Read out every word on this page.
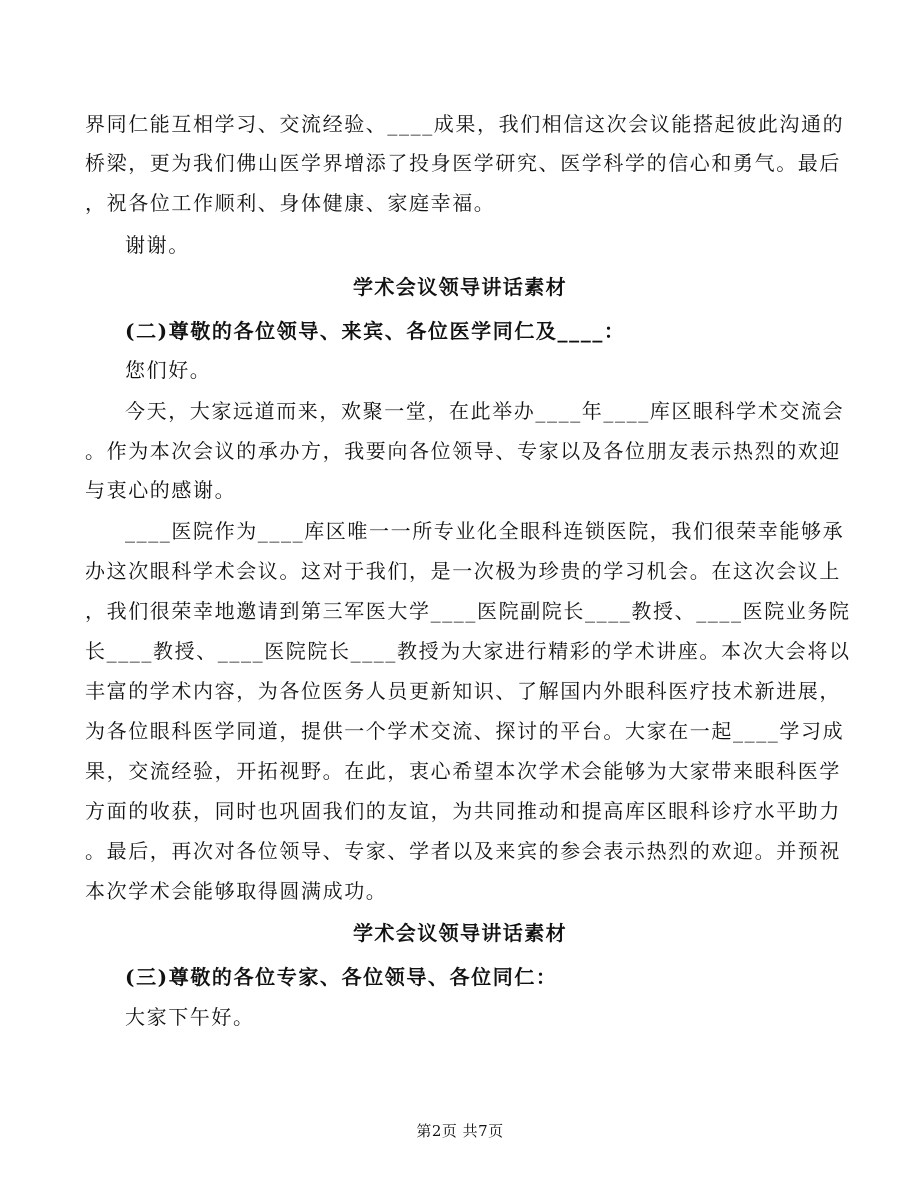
界同仁能互相学习、交流经验、____成果，我们相信这次会议能搭起彼此沟通的
桥梁，更为我们佛山医学界增添了投身医学研究、医学科学的信心和勇气。最后
，祝各位工作顺利、身体健康、家庭幸福。
谢谢。
学术会议领导讲话素材
(二)尊敬的各位领导、来宾、各位医学同仁及____：
您们好。
今天，大家远道而来，欢聚一堂，在此举办____年____库区眼科学术交流会
。作为本次会议的承办方，我要向各位领导、专家以及各位朋友表示热烈的欢迎
与衷心的感谢。
____医院作为____库区唯一一所专业化全眼科连锁医院，我们很荣幸能够承
办这次眼科学术会议。这对于我们，是一次极为珍贵的学习机会。在这次会议上
，我们很荣幸地邀请到第三军医大学____医院副院长____教授、____医院业务院
长____教授、____医院院长____教授为大家进行精彩的学术讲座。本次大会将以
丰富的学术内容，为各位医务人员更新知识、了解国内外眼科医疗技术新进展，
为各位眼科医学同道，提供一个学术交流、探讨的平台。大家在一起____学习成
果，交流经验，开拓视野。在此，衷心希望本次学术会能够为大家带来眼科医学
方面的收获，同时也巩固我们的友谊，为共同推动和提高库区眼科诊疗水平助力
。最后，再次对各位领导、专家、学者以及来宾的参会表示热烈的欢迎。并预祝
本次学术会能够取得圆满成功。
学术会议领导讲话素材
(三)尊敬的各位专家、各位领导、各位同仁：
大家下午好。
第2页 共7页
